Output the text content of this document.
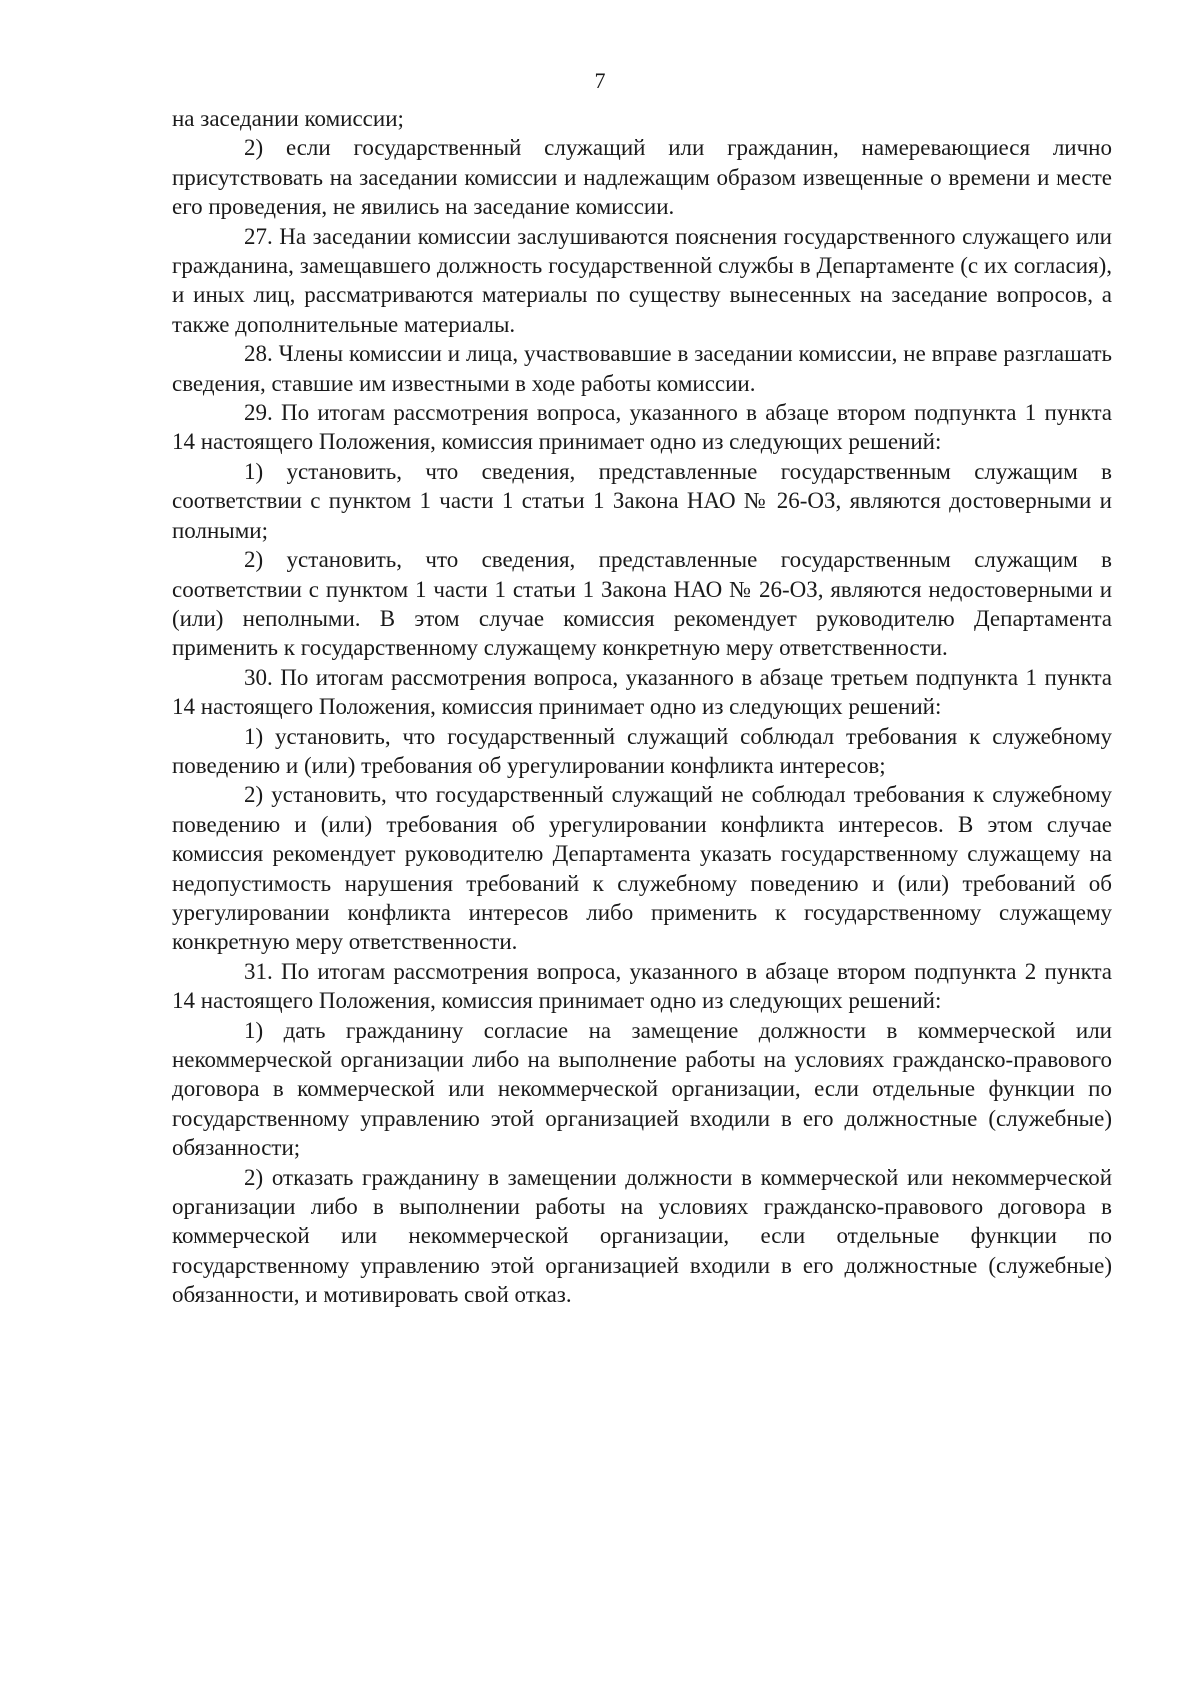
7

на заседании комиссии;

2) если государственный служащий или гражданин, намеревающиеся лично присутствовать на заседании комиссии и надлежащим образом извещенные о времени и месте его проведения, не явились на заседание комиссии.

27. На заседании комиссии заслушиваются пояснения государственного служащего или гражданина, замещавшего должность государственной службы в Департаменте (с их согласия), и иных лиц, рассматриваются материалы по существу вынесенных на заседание вопросов, а также дополнительные материалы.

28. Члены комиссии и лица, участвовавшие в заседании комиссии, не вправе разглашать сведения, ставшие им известными в ходе работы комиссии.

29. По итогам рассмотрения вопроса, указанного в абзаце втором подпункта 1 пункта 14 настоящего Положения, комиссия принимает одно из следующих решений:

1) установить, что сведения, представленные государственным служащим в соответствии с пунктом 1 части 1 статьи 1 Закона НАО № 26-ОЗ, являются достоверными и полными;

2) установить, что сведения, представленные государственным служащим в соответствии с пунктом 1 части 1 статьи 1 Закона НАО № 26-ОЗ, являются недостоверными и (или) неполными. В этом случае комиссия рекомендует руководителю Департамента применить к государственному служащему конкретную меру ответственности.

30. По итогам рассмотрения вопроса, указанного в абзаце третьем подпункта 1 пункта 14 настоящего Положения, комиссия принимает одно из следующих решений:

1) установить, что государственный служащий соблюдал требования к служебному поведению и (или) требования об урегулировании конфликта интересов;

2) установить, что государственный служащий не соблюдал требования к служебному поведению и (или) требования об урегулировании конфликта интересов. В этом случае комиссия рекомендует руководителю Департамента указать государственному служащему на недопустимость нарушения требований к служебному поведению и (или) требований об урегулировании конфликта интересов либо применить к государственному служащему конкретную меру ответственности.

31. По итогам рассмотрения вопроса, указанного в абзаце втором подпункта 2 пункта 14 настоящего Положения, комиссия принимает одно из следующих решений:

1) дать гражданину согласие на замещение должности в коммерческой или некоммерческой организации либо на выполнение работы на условиях гражданско-правового договора в коммерческой или некоммерческой организации, если отдельные функции по государственному управлению этой организацией входили в его должностные (служебные) обязанности;

2) отказать гражданину в замещении должности в коммерческой или некоммерческой организации либо в выполнении работы на условиях гражданско-правового договора в коммерческой или некоммерческой организации, если отдельные функции по государственному управлению этой организацией входили в его должностные (служебные) обязанности, и мотивировать свой отказ.
